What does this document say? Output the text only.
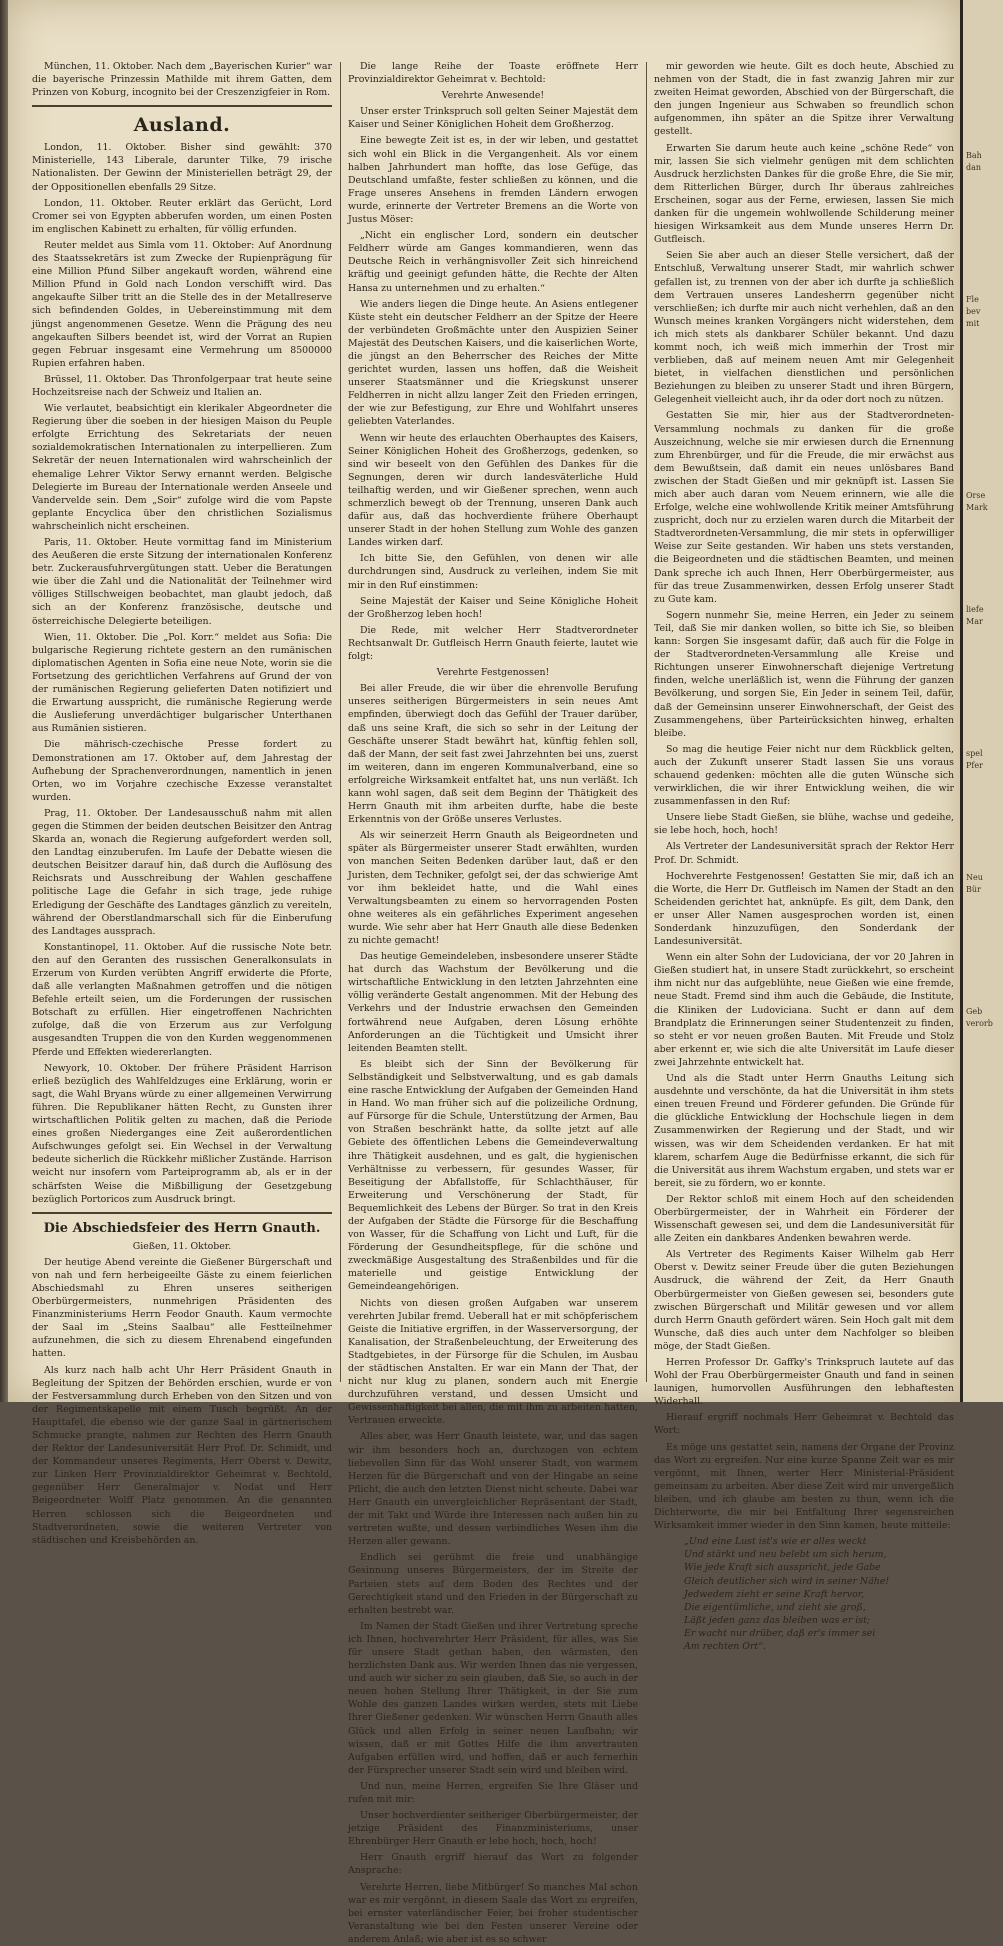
München, 11. Oktober. Nach dem „Bayerischen Kurier“ war die bayerische Prinzessin Mathilde mit ihrem Gatten, dem Prinzen von Koburg, incognito bei der Creszenzigfeier in Rom.

Ausland.

London, 11. Oktober. Bisher sind gewählt: 370 Ministerielle, 143 Liberale, darunter Tilke, 79 irische Nationalisten. Der Gewinn der Ministeriellen beträgt 29, der der Oppositionellen ebenfalls 29 Sitze.

London, 11. Oktober. Reuter erklärt das Gerücht, Lord Cromer sei von Egypten abberufen worden, um einen Posten im englischen Kabinett zu erhalten, für völlig erfunden.

Reuter meldet aus Simla vom 11. Oktober: Auf Anordnung des Staatssekretärs ist zum Zwecke der Rupienprägung für eine Million Pfund Silber angekauft worden, während eine Million Pfund in Gold nach London verschifft wird. Das angekaufte Silber tritt an die Stelle des in der Metallreserve sich befindenden Goldes, in Uebereinstimmung mit dem jüngst angenommenen Gesetze. Wenn die Prägung des neu angekauften Silbers beendet ist, wird der Vorrat an Rupien gegen Februar insgesamt eine Vermehrung um 8500000 Rupien erfahren haben.

Brüssel, 11. Oktober. Das Thronfolgerpaar trat heute seine Hochzeitsreise nach der Schweiz und Italien an.

Wie verlautet, beabsichtigt ein klerikaler Abgeordneter die Regierung über die soeben in der hiesigen Maison du Peuple erfolgte Errichtung des Sekretariats der neuen sozialdemokratischen Internationalen zu interpellieren. Zum Sekretär der neuen Internationalen wird wahrscheinlich der ehemalige Lehrer Viktor Serwy ernannt werden. Belgische Delegierte im Bureau der Internationale werden Anseele und Vandervelde sein. Dem „Soir“ zufolge wird die vom Papste geplante Encyclica über den christlichen Sozialismus wahrscheinlich nicht erscheinen.

Paris, 11. Oktober. Heute vormittag fand im Ministerium des Aeußeren die erste Sitzung der internationalen Konferenz betr. Zuckerausfuhrvergütungen statt. Ueber die Beratungen wie über die Zahl und die Nationalität der Teilnehmer wird völliges Stillschweigen beobachtet, man glaubt jedoch, daß sich an der Konferenz französische, deutsche und österreichische Delegierte beteiligen.

Wien, 11. Oktober. Die „Pol. Korr.“ meldet aus Sofia: Die bulgarische Regierung richtete gestern an den rumänischen diplomatischen Agenten in Sofia eine neue Note, worin sie die Fortsetzung des gerichtlichen Verfahrens auf Grund der von der rumänischen Regierung gelieferten Daten notifiziert und die Erwartung ausspricht, die rumänische Regierung werde die Auslieferung unverdächtiger bulgarischer Unterthanen aus Rumänien sistieren.

Die mährisch-czechische Presse fordert zu Demonstrationen am 17. Oktober auf, dem Jahrestag der Aufhebung der Sprachenverordnungen, namentlich in jenen Orten, wo im Vorjahre czechische Exzesse veranstaltet wurden.

Prag, 11. Oktober. Der Landesausschuß nahm mit allen gegen die Stimmen der beiden deutschen Beisitzer den Antrag Skarda an, wonach die Regierung aufgefordert werden soll, den Landtag einzuberufen. Im Laufe der Debatte wiesen die deutschen Beisitzer darauf hin, daß durch die Auflösung des Reichsrats und Ausschreibung der Wahlen geschaffene politische Lage die Gefahr in sich trage, jede ruhige Erledigung der Geschäfte des Landtages gänzlich zu vereiteln, während der Oberstlandmarschall sich für die Einberufung des Landtages aussprach.

Konstantinopel, 11. Oktober. Auf die russische Note betr. den auf den Geranten des russischen Generalkonsulats in Erzerum von Kurden verübten Angriff erwiderte die Pforte, daß alle verlangten Maßnahmen getroffen und die nötigen Befehle erteilt seien, um die Forderungen der russischen Botschaft zu erfüllen. Hier eingetroffenen Nachrichten zufolge, daß die von Erzerum aus zur Verfolgung ausgesandten Truppen die von den Kurden weggenommenen Pferde und Effekten wiedererlangten.

Newyork, 10. Oktober. Der frühere Präsident Harrison erließ bezüglich des Wahlfeldzuges eine Erklärung, worin er sagt, die Wahl Bryans würde zu einer allgemeinen Verwirrung führen. Die Republikaner hätten Recht, zu Gunsten ihrer wirtschaftlichen Politik gelten zu machen, daß die Periode eines großen Niederganges eine Zeit außerordentlichen Aufschwunges gefolgt sei. Ein Wechsel in der Verwaltung bedeute sicherlich die Rückkehr mißlicher Zustände. Harrison weicht nur insofern vom Parteiprogramm ab, als er in der schärfsten Weise die Mißbilligung der Gesetzgebung bezüglich Portoricos zum Ausdruck bringt.

Die Abschiedsfeier des Herrn Gnauth.

Gießen, 11. Oktober.

Der heutige Abend vereinte die Gießener Bürgerschaft und von nah und fern herbeigeeilte Gäste zu einem feierlichen Abschiedsmahl zu Ehren unseres seitherigen Oberbürgermeisters, nunmehrigen Präsidenten des Finanzministeriums Herrn Feodor Gnauth. Kaum vermochte der Saal im „Steins Saalbau“ alle Festteilnehmer aufzunehmen, die sich zu diesem Ehrenabend eingefunden hatten.

Als kurz nach halb acht Uhr Herr Präsident Gnauth in Begleitung der Spitzen der Behörden erschien, wurde er von der Festversammlung durch Erheben von den Sitzen und von der Regimentskapelle mit einem Tusch begrüßt. An der Haupttafel, die ebenso wie der ganze Saal in gärtnerischem Schmucke prangte, nahmen zur Rechten des Herrn Gnauth der Rektor der Landesuniversität Herr Prof. Dr. Schmidt, und der Kommandeur unseres Regiments, Herr Oberst v. Dewitz, zur Linken Herr Provinzialdirektor Geheimrat v. Bechtold, gegenüber Herr Generalmajor v. Nodat und Herr Beigeordneter Wolff Platz genommen. An die genannten Herren schlossen sich die Beigeordneten und Stadtverordneten, sowie die weiteren Vertreter von städtischen und Kreisbehörden an.

Die lange Reihe der Toaste eröffnete Herr Provinzialdirektor Geheimrat v. Bechtold:

Verehrte Anwesende!

Unser erster Trinkspruch soll gelten Seiner Majestät dem Kaiser und Seiner Königlichen Hoheit dem Großherzog.

Eine bewegte Zeit ist es, in der wir leben, und gestattet sich wohl ein Blick in die Vergangenheit. Als vor einem halben Jahrhundert man hoffte, das lose Gefüge, das Deutschland umfaßte, fester schließen zu können, und die Frage unseres Ansehens in fremden Ländern erwogen wurde, erinnerte der Vertreter Bremens an die Worte von Justus Möser:

„Nicht ein englischer Lord, sondern ein deutscher Feldherr würde am Ganges kommandieren, wenn das Deutsche Reich in verhängnisvoller Zeit sich hinreichend kräftig und geeinigt gefunden hätte, die Rechte der Alten Hansa zu unternehmen und zu erhalten.“

Wie anders liegen die Dinge heute. An Asiens entlegener Küste steht ein deutscher Feldherr an der Spitze der Heere der verbündeten Großmächte unter den Auspizien Seiner Majestät des Deutschen Kaisers, und die kaiserlichen Worte, die jüngst an den Beherrscher des Reiches der Mitte gerichtet wurden, lassen uns hoffen, daß die Weisheit unserer Staatsmänner und die Kriegskunst unserer Feldherren in nicht allzu langer Zeit den Frieden erringen, der wie zur Befestigung, zur Ehre und Wohlfahrt unseres geliebten Vaterlandes.

Wenn wir heute des erlauchten Oberhauptes des Kaisers, Seiner Königlichen Hoheit des Großherzogs, gedenken, so sind wir beseelt von den Gefühlen des Dankes für die Segnungen, deren wir durch landesväterliche Huld teilhaftig werden, und wir Gießener sprechen, wenn auch schmerzlich bewegt ob der Trennung, unseren Dank auch dafür aus, daß das hochverdiente frühere Oberhaupt unserer Stadt in der hohen Stellung zum Wohle des ganzen Landes wirken darf.

Ich bitte Sie, den Gefühlen, von denen wir alle durchdrungen sind, Ausdruck zu verleihen, indem Sie mit mir in den Ruf einstimmen:

Seine Majestät der Kaiser und Seine Königliche Hoheit der Großherzog leben hoch!

Die Rede, mit welcher Herr Stadtverordneter Rechtsanwalt Dr. Gutfleisch Herrn Gnauth feierte, lautet wie folgt:

Verehrte Festgenossen!

Bei aller Freude, die wir über die ehrenvolle Berufung unseres seitherigen Bürgermeisters in sein neues Amt empfinden, überwiegt doch das Gefühl der Trauer darüber, daß uns seine Kraft, die sich so sehr in der Leitung der Geschäfte unserer Stadt bewährt hat, künftig fehlen soll, daß der Mann, der seit fast zwei Jahrzehnten bei uns, zuerst im weiteren, dann im engeren Kommunalverband, eine so erfolgreiche Wirksamkeit entfaltet hat, uns nun verläßt. Ich kann wohl sagen, daß seit dem Beginn der Thätigkeit des Herrn Gnauth mit ihm arbeiten durfte, habe die beste Erkenntnis von der Größe unseres Verlustes.

Als wir seinerzeit Herrn Gnauth als Beigeordneten und später als Bürgermeister unserer Stadt erwählten, wurden von manchen Seiten Bedenken darüber laut, daß er den Juristen, dem Techniker, gefolgt sei, der das schwierige Amt vor ihm bekleidet hatte, und die Wahl eines Verwaltungsbeamten zu einem so hervorragenden Posten ohne weiteres als ein gefährliches Experiment angesehen wurde. Wie sehr aber hat Herr Gnauth alle diese Bedenken zu nichte gemacht!

Das heutige Gemeindeleben, insbesondere unserer Städte hat durch das Wachstum der Bevölkerung und die wirtschaftliche Entwicklung in den letzten Jahrzehnten eine völlig veränderte Gestalt angenommen. Mit der Hebung des Verkehrs und der Industrie erwachsen den Gemeinden fortwährend neue Aufgaben, deren Lösung erhöhte Anforderungen an die Tüchtigkeit und Umsicht ihrer leitenden Beamten stellt.

Es bleibt sich der Sinn der Bevölkerung für Selbständigkeit und Selbstverwaltung, und es gab damals eine rasche Entwicklung der Aufgaben der Gemeinden Hand in Hand. Wo man früher sich auf die polizeiliche Ordnung, auf Fürsorge für die Schule, Unterstützung der Armen, Bau von Straßen beschränkt hatte, da sollte jetzt auf alle Gebiete des öffentlichen Lebens die Gemeindeverwaltung ihre Thätigkeit ausdehnen, und es galt, die hygienischen Verhältnisse zu verbessern, für gesundes Wasser, für Beseitigung der Abfallstoffe, für Schlachthäuser, für Erweiterung und Verschönerung der Stadt, für Bequemlichkeit des Lebens der Bürger. So trat in den Kreis der Aufgaben der Städte die Fürsorge für die Beschaffung von Wasser, für die Schaffung von Licht und Luft, für die Förderung der Gesundheitspflege, für die schöne und zweckmäßige Ausgestaltung des Straßenbildes und für die materielle und geistige Entwicklung der Gemeindeangehörigen.

Nichts von diesen großen Aufgaben war unserem verehrten Jubilar fremd. Ueberall hat er mit schöpferischem Geiste die Initiative ergriffen, in der Wasserversorgung, der Kanalisation, der Straßenbeleuchtung, der Erweiterung des Stadtgebietes, in der Fürsorge für die Schulen, im Ausbau der städtischen Anstalten. Er war ein Mann der That, der nicht nur klug zu planen, sondern auch mit Energie durchzuführen verstand, und dessen Umsicht und Gewissenhaftigkeit bei allen, die mit ihm zu arbeiten hatten, Vertrauen erweckte.

Alles aber, was Herr Gnauth leistete, war, und das sagen wir ihm besonders hoch an, durchzogen von echtem liebevollen Sinn für das Wohl unserer Stadt, von warmem Herzen für die Bürgerschaft und von der Hingabe an seine Pflicht, die auch den letzten Dienst nicht scheute. Dabei war Herr Gnauth ein unvergleichlicher Repräsentant der Stadt, der mit Takt und Würde ihre Interessen nach außen hin zu vertreten wußte, und dessen verbindliches Wesen ihm die Herzen aller gewann.

Endlich sei gerühmt die freie und unabhängige Gesinnung unseres Bürgermeisters, der im Streite der Parteien stets auf dem Boden des Rechtes und der Gerechtigkeit stand und den Frieden in der Bürgerschaft zu erhalten bestrebt war.

Im Namen der Stadt Gießen und ihrer Vertretung spreche ich Ihnen, hochverehrter Herr Präsident, für alles, was Sie für unsere Stadt gethan haben, den wärmsten, den herzlichsten Dank aus. Wir werden Ihnen das nie vergessen, und auch wir sicher zu sein glauben, daß Sie, so auch in der neuen hohen Stellung Ihrer Thätigkeit, in der Sie zum Wohle des ganzen Landes wirken werden, stets mit Liebe Ihrer Gießener gedenken. Wir wünschen Herrn Gnauth alles Glück und allen Erfolg in seiner neuen Laufbahn; wir wissen, daß er mit Gottes Hilfe die ihm anvertrauten Aufgaben erfüllen wird, und hoffen, daß er auch fernerhin der Fürsprecher unserer Stadt sein wird und bleiben wird.

Und nun, meine Herren, ergreifen Sie Ihre Gläser und rufen mit mir:

Unser hochverdienter seitheriger Oberbürgermeister, der jetzige Präsident des Finanzministeriums, unser Ehrenbürger Herr Gnauth er lebe hoch, hoch, hoch!

Herr Gnauth ergriff hierauf das Wort zu folgender Ansprache:

Verehrte Herren, liebe Mitbürger! So manches Mal schon war es mir vergönnt, in diesem Saale das Wort zu ergreifen, bei ernster vaterländischer Feier, bei froher studentischer Veranstaltung wie bei den Festen unserer Vereine oder anderem Anlaß; wie aber ist es so schwer

mir geworden wie heute. Gilt es doch heute, Abschied zu nehmen von der Stadt, die in fast zwanzig Jahren mir zur zweiten Heimat geworden, Abschied von der Bürgerschaft, die den jungen Ingenieur aus Schwaben so freundlich schon aufgenommen, ihn später an die Spitze ihrer Verwaltung gestellt.

Erwarten Sie darum heute auch keine „schöne Rede“ von mir, lassen Sie sich vielmehr genügen mit dem schlichten Ausdruck herzlichsten Dankes für die große Ehre, die Sie mir, dem Ritterlichen Bürger, durch Ihr überaus zahlreiches Erscheinen, sogar aus der Ferne, erwiesen, lassen Sie mich danken für die ungemein wohlwollende Schilderung meiner hiesigen Wirksamkeit aus dem Munde unseres Herrn Dr. Gutfleisch.

Seien Sie aber auch an dieser Stelle versichert, daß der Entschluß, Verwaltung unserer Stadt, mir wahrlich schwer gefallen ist, zu trennen von der aber ich durfte ja schließlich dem Vertrauen unseres Landesherrn gegenüber nicht verschließen; ich durfte mir auch nicht verhehlen, daß an den Wunsch meines kranken Vorgängers nicht widerstehen, dem ich mich stets als dankbarer Schüler bekannt. Und dazu kommt noch, ich weiß mich immerhin der Trost mir verblieben, daß auf meinem neuen Amt mir Gelegenheit bietet, in vielfachen dienstlichen und persönlichen Beziehungen zu bleiben zu unserer Stadt und ihren Bürgern, Gelegenheit vielleicht auch, ihr da oder dort noch zu nützen.

Gestatten Sie mir, hier aus der Stadtverordneten-Versammlung nochmals zu danken für die große Auszeichnung, welche sie mir erwiesen durch die Ernennung zum Ehrenbürger, und für die Freude, die mir erwächst aus dem Bewußtsein, daß damit ein neues unlösbares Band zwischen der Stadt Gießen und mir geknüpft ist. Lassen Sie mich aber auch daran vom Neuem erinnern, wie alle die Erfolge, welche eine wohlwollende Kritik meiner Amtsführung zuspricht, doch nur zu erzielen waren durch die Mitarbeit der Stadtverordneten-Versammlung, die mir stets in opferwilliger Weise zur Seite gestanden. Wir haben uns stets verstanden, die Beigeordneten und die städtischen Beamten, und meinen Dank spreche ich auch Ihnen, Herr Oberbürgermeister, aus für das treue Zusammenwirken, dessen Erfolg unserer Stadt zu Gute kam.

Sogern nunmehr Sie, meine Herren, ein Jeder zu seinem Teil, daß Sie mir danken wollen, so bitte ich Sie, so bleiben kann: Sorgen Sie insgesamt dafür, daß auch für die Folge in der Stadtverordneten-Versammlung alle Kreise und Richtungen unserer Einwohnerschaft diejenige Vertretung finden, welche unerläßlich ist, wenn die Führung der ganzen Bevölkerung, und sorgen Sie, Ein Jeder in seinem Teil, dafür, daß der Gemeinsinn unserer Einwohnerschaft, der Geist des Zusammengehens, über Parteirücksichten hinweg, erhalten bleibe.

So mag die heutige Feier nicht nur dem Rückblick gelten, auch der Zukunft unserer Stadt lassen Sie uns voraus schauend gedenken: möchten alle die guten Wünsche sich verwirklichen, die wir ihrer Entwicklung weihen, die wir zusammenfassen in den Ruf:

Unsere liebe Stadt Gießen, sie blühe, wachse und gedeihe, sie lebe hoch, hoch, hoch!

Als Vertreter der Landesuniversität sprach der Rektor Herr Prof. Dr. Schmidt.

Hochverehrte Festgenossen! Gestatten Sie mir, daß ich an die Worte, die Herr Dr. Gutfleisch im Namen der Stadt an den Scheidenden gerichtet hat, anknüpfe. Es gilt, dem Dank, den er unser Aller Namen ausgesprochen worden ist, einen Sonderdank hinzuzufügen, den Sonderdank der Landesuniversität.

Wenn ein alter Sohn der Ludoviciana, der vor 20 Jahren in Gießen studiert hat, in unsere Stadt zurückkehrt, so erscheint ihm nicht nur das aufgeblühte, neue Gießen wie eine fremde, neue Stadt. Fremd sind ihm auch die Gebäude, die Institute, die Kliniken der Ludoviciana. Sucht er dann auf dem Brandplatz die Erinnerungen seiner Studentenzeit zu finden, so steht er vor neuen großen Bauten. Mit Freude und Stolz aber erkennt er, wie sich die alte Universität im Laufe dieser zwei Jahrzehnte entwickelt hat.

Und als die Stadt unter Herrn Gnauths Leitung sich ausdehnte und verschönte, da hat die Universität in ihm stets einen treuen Freund und Förderer gefunden. Die Gründe für die glückliche Entwicklung der Hochschule liegen in dem Zusammenwirken der Regierung und der Stadt, und wir wissen, was wir dem Scheidenden verdanken. Er hat mit klarem, scharfem Auge die Bedürfnisse erkannt, die sich für die Universität aus ihrem Wachstum ergaben, und stets war er bereit, sie zu fördern, wo er konnte.

Der Rektor schloß mit einem Hoch auf den scheidenden Oberbürgermeister, der in Wahrheit ein Förderer der Wissenschaft gewesen sei, und dem die Landesuniversität für alle Zeiten ein dankbares Andenken bewahren werde.

Als Vertreter des Regiments Kaiser Wilhelm gab Herr Oberst v. Dewitz seiner Freude über die guten Beziehungen Ausdruck, die während der Zeit, da Herr Gnauth Oberbürgermeister von Gießen gewesen sei, besonders gute zwischen Bürgerschaft und Militär gewesen und vor allem durch Herrn Gnauth gefördert wären. Sein Hoch galt mit dem Wunsche, daß dies auch unter dem Nachfolger so bleiben möge, der Stadt Gießen.

Herren Professor Dr. Gaffky's Trinkspruch lautete auf das Wohl der Frau Oberbürgermeister Gnauth und fand in seinen launigen, humorvollen Ausführungen den lebhaftesten Widerhall.

Hierauf ergriff nochmals Herr Geheimrat v. Bechtold das Wort:

Es möge uns gestattet sein, namens der Organe der Provinz das Wort zu ergreifen. Nur eine kurze Spanne Zeit war es mir vergönnt, mit Ihnen, werter Herr Ministerial-Präsident gemeinsam zu arbeiten. Aber diese Zeit wird mir unvergeßlich bleiben, und ich glaube am besten zu thun, wenn ich die Dichterworte, die mir bei Entfaltung Ihrer segensreichen Wirksamkeit immer wieder in den Sinn kamen, heute mitteile:

„Und eine Lust ist's wie er alles weckt

Und stärkt und neu belebt um sich herum,

Wie jede Kraft sich ausspricht, jede Gabe

Gleich deutlicher sich wird in seiner Nähe!

Jedwedem zieht er seine Kraft hervor,

Die eigentümliche, und zieht sie groß,

Läßt jeden ganz das bleiben was er ist;

Er wacht nur drüber, daß er's immer sei

Am rechten Ort“.

Bah
dan
Fle
bev
mit
Orse
Mark
liefe
Mar
spel
Pfer
Neu
Bür
Geb
verorb
